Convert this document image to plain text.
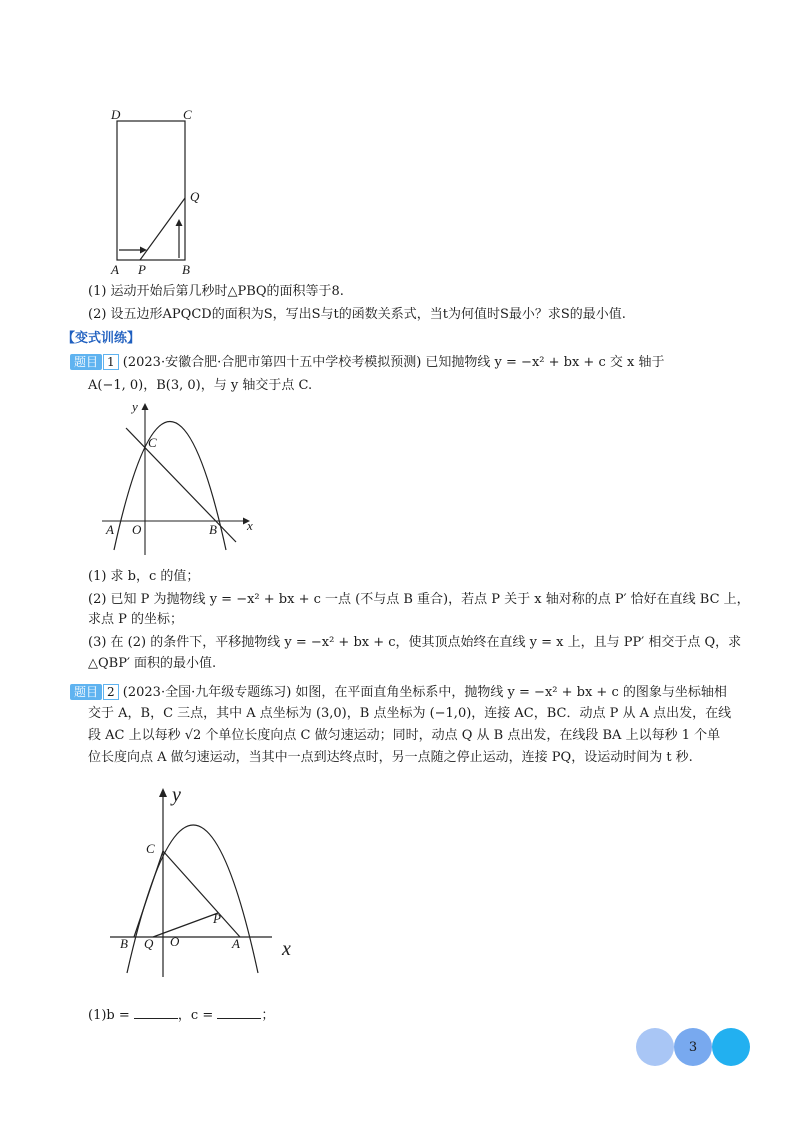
D	C
Q
A P	B
(1) 运动开始后第几秒时△PBQ的面积等于8.
(2) 设五边形APQCD的面积为S，写出S与t的函数关系式，当t为何值时S最小？求S的最小值.
【变式训练】
题目 1 (2023·安徽合肥·合肥市第四十五中学校考模拟预测) 已知抛物线 y = −x² + bx + c 交 x 轴于
A(−1, 0)，B(3, 0)，与 y 轴交于点 C.
y
C
A O	B x
(1) 求 b，c 的值；
(2) 已知 P 为抛物线 y = −x² + bx + c 一点 (不与点 B 重合)，若点 P 关于 x 轴对称的点 P′ 恰好在直线 BC 上，
求点 P 的坐标；
(3) 在 (2) 的条件下，平移抛物线 y = −x² + bx + c，使其顶点始终在直线 y = x 上，且与 PP′ 相交于点 Q，求
△QBP′ 面积的最小值.
题目 2 (2023·全国·九年级专题练习) 如图，在平面直角坐标系中，抛物线 y = −x² + bx + c 的图象与坐标轴相
交于 A，B，C 三点，其中 A 点坐标为 (3,0)，B 点坐标为 (−1,0)，连接 AC，BC．动点 P 从 A 点出发，在线
段 AC 上以每秒 √2 个单位长度向点 C 做匀速运动；同时，动点 Q 从 B 点出发，在线段 BA 上以每秒 1 个单
位长度向点 A 做匀速运动，当其中一点到达终点时，另一点随之停止运动，连接 PQ，设运动时间为 t 秒.
y
C
P
B Q O	A x
(1)b =	，c =	；
3
